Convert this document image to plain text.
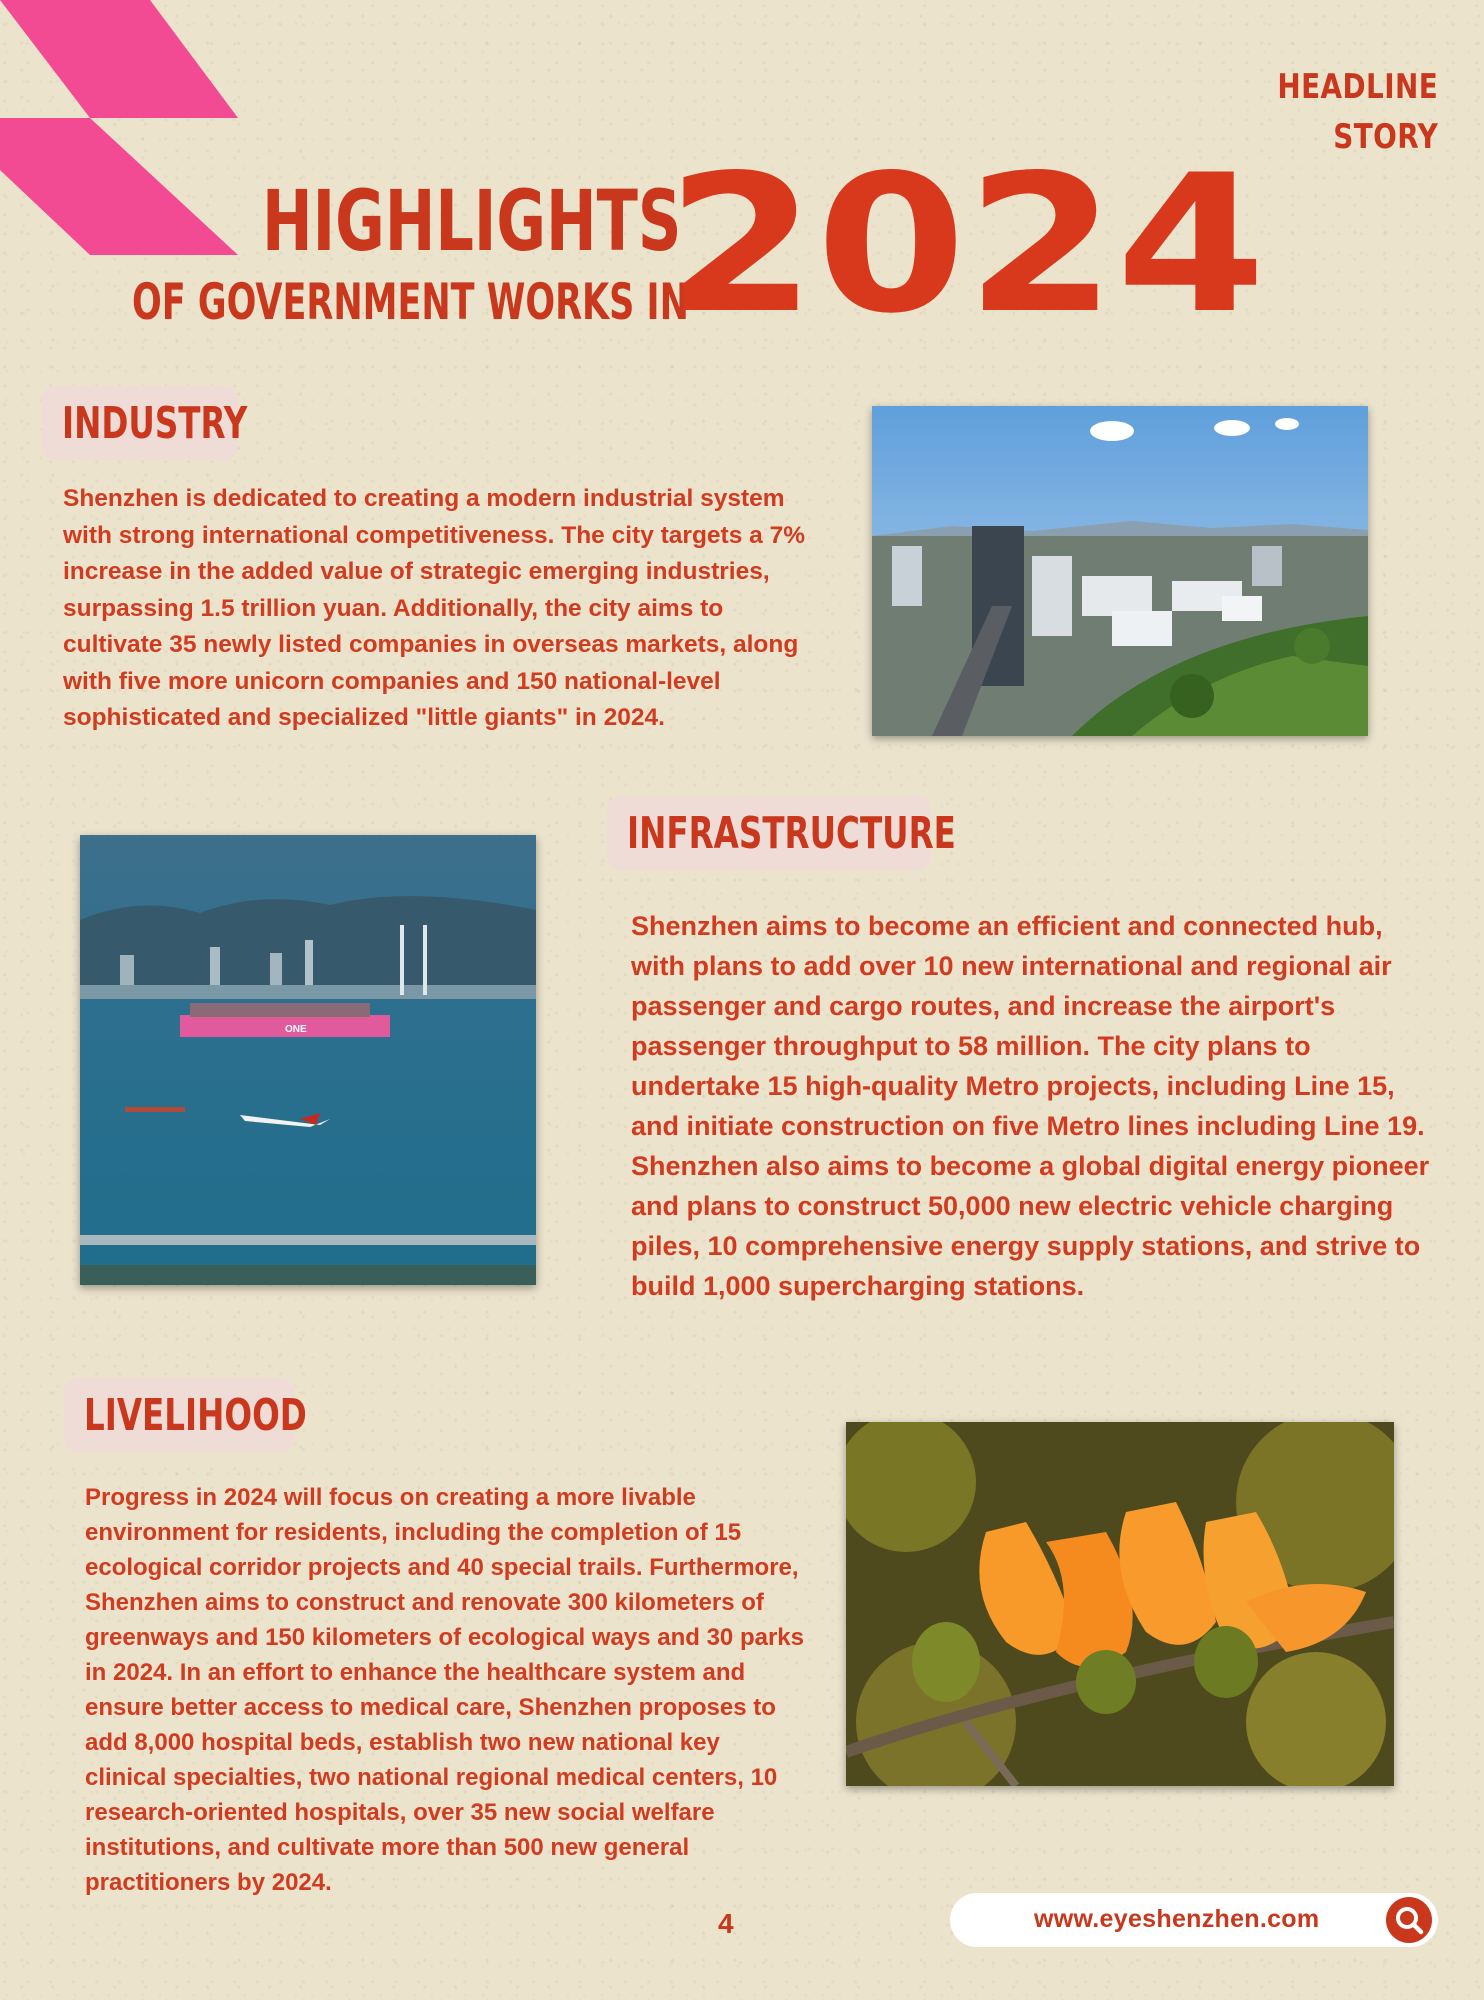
HEADLINE
STORY
HIGHLIGHTS
OF GOVERNMENT WORKS IN
2024
INDUSTRY
Shenzhen is dedicated to creating a modern industrial system with strong international competitiveness. The city targets a 7% increase in the added value of strategic emerging industries, surpassing 1.5 trillion yuan. Additionally, the city aims to cultivate 35 newly listed companies in overseas markets, along with five more unicorn companies and 150 national-level sophisticated and specialized "little giants" in 2024.
ONE
INFRASTRUCTURE
Shenzhen aims to become an efficient and connected hub, with plans to add over 10 new international and regional air passenger and cargo routes, and increase the airport's passenger throughput to 58 million. The city plans to undertake 15 high-quality Metro projects, including Line 15, and initiate construction on five Metro lines including Line 19. Shenzhen also aims to become a global digital energy pioneer and plans to construct 50,000 new electric vehicle charging piles, 10 comprehensive energy supply stations, and strive to build 1,000 supercharging stations.
LIVELIHOOD
Progress in 2024 will focus on creating a more livable environment for residents, including the completion of 15 ecological corridor projects and 40 special trails. Furthermore, Shenzhen aims to construct and renovate 300 kilometers of greenways and 150 kilometers of ecological ways and 30 parks in 2024. In an effort to enhance the healthcare system and ensure better access to medical care, Shenzhen proposes to add 8,000 hospital beds, establish two new national key clinical specialties, two national regional medical centers, 10 research-oriented hospitals, over 35 new social welfare institutions, and cultivate more than 500 new general practitioners by 2024.
4	www.eyeshenzhen.com
